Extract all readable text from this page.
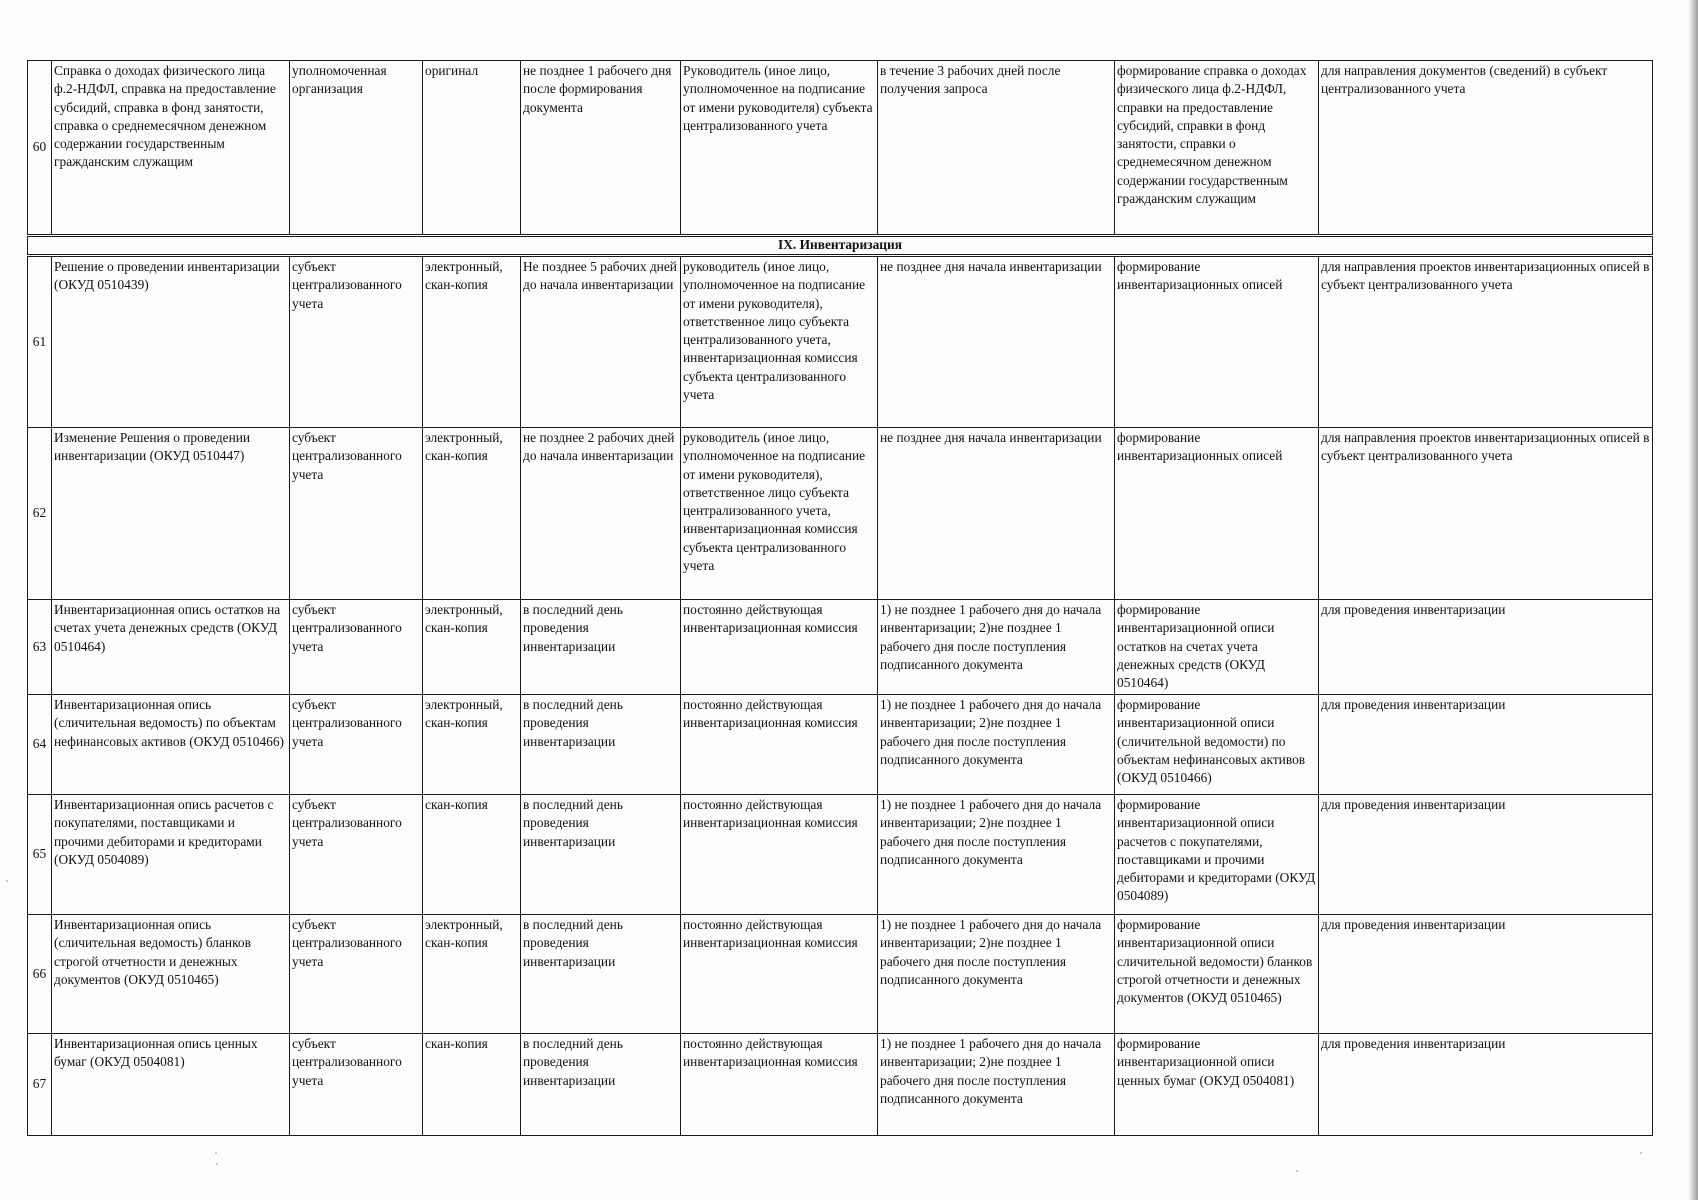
60	Справка о доходах физического лица ф.2-НДФЛ, справка на предоставление субсидий, справка в фонд занятости, справка о среднемесячном денежном содержании государственным гражданским служащим	уполномоченная организация	оригинал	не позднее 1 рабочего дня после формирования документа	Руководитель (иное лицо, уполномоченное на подписание от имени руководителя) субъекта централизованного учета	в течение 3 рабочих дней после получения запроса	формирование справка о доходах физического лица ф.2-НДФЛ, справки на предоставление субсидий, справки в фонд занятости, справки о среднемесячном денежном содержании государственным гражданским служащим	для направления документов (сведений) в субъект централизованного учета
IX. Инвентаризация								
61	Решение о проведении инвентаризации (ОКУД 0510439)	субъект централизованного учета	электронный, скан-копия	Не позднее 5 рабочих дней до начала инвентаризации	руководитель (иное лицо, уполномоченное на подписание от имени руководителя), ответственное лицо субъекта централизованного учета, инвентаризационная комиссия субъекта централизованного учета	не позднее дня начала инвентаризации	формирование инвентаризационных описей	для направления проектов инвентаризационных описей в субъект централизованного учета
62	Изменение Решения о проведении инвентаризации (ОКУД 0510447)	субъект централизованного учета	электронный, скан-копия	не позднее 2 рабочих дней до начала инвентаризации	руководитель (иное лицо, уполномоченное на подписание от имени руководителя), ответственное лицо субъекта централизованного учета, инвентаризационная комиссия субъекта централизованного учета	не позднее дня начала инвентаризации	формирование инвентаризационных описей	для направления проектов инвентаризационных описей в субъект централизованного учета
63	Инвентаризационная опись остатков на счетах учета денежных средств (ОКУД 0510464)	субъект централизованного учета	электронный, скан-копия	в последний день проведения инвентаризации	постоянно действующая инвентаризационная комиссия	1) не позднее 1 рабочего дня до начала инвентаризации; 2)не позднее 1 рабочего дня после поступления подписанного документа	формирование инвентаризационной описи остатков на счетах учета денежных средств (ОКУД 0510464)	для проведения инвентаризации
64	Инвентаризационная опись (сличительная ведомость) по объектам нефинансовых активов (ОКУД 0510466)	субъект централизованного учета	электронный, скан-копия	в последний день проведения инвентаризации	постоянно действующая инвентаризационная комиссия	1) не позднее 1 рабочего дня до начала инвентаризации; 2)не позднее 1 рабочего дня после поступления подписанного документа	формирование инвентаризационной описи (сличительной ведомости) по объектам нефинансовых активов (ОКУД 0510466)	для проведения инвентаризации
65	Инвентаризационная опись расчетов с покупателями, поставщиками и прочими дебиторами и кредиторами (ОКУД 0504089)	субъект централизованного учета	скан-копия	в последний день проведения инвентаризации	постоянно действующая инвентаризационная комиссия	1) не позднее 1 рабочего дня до начала инвентаризации; 2)не позднее 1 рабочего дня после поступления подписанного документа	формирование инвентаризационной описи расчетов с покупателями, поставщиками и прочими дебиторами и кредиторами (ОКУД 0504089)	для проведения инвентаризации
66	Инвентаризационная опись (сличительная ведомость) бланков строгой отчетности и денежных документов (ОКУД 0510465)	субъект централизованного учета	электронный, скан-копия	в последний день проведения инвентаризации	постоянно действующая инвентаризационная комиссия	1) не позднее 1 рабочего дня до начала инвентаризации; 2)не позднее 1 рабочего дня после поступления подписанного документа	формирование инвентаризационной описи сличительной ведомости) бланков строгой отчетности и денежных документов (ОКУД 0510465)	для проведения инвентаризации
67	Инвентаризационная опись ценных бумаг (ОКУД 0504081)	субъект централизованного учета	скан-копия	в последний день проведения инвентаризации	постоянно действующая инвентаризационная комиссия	1) не позднее 1 рабочего дня до начала инвентаризации; 2)не позднее 1 рабочего дня после поступления подписанного документа	формирование инвентаризационной описи ценных бумаг (ОКУД 0504081)	для проведения инвентаризации
